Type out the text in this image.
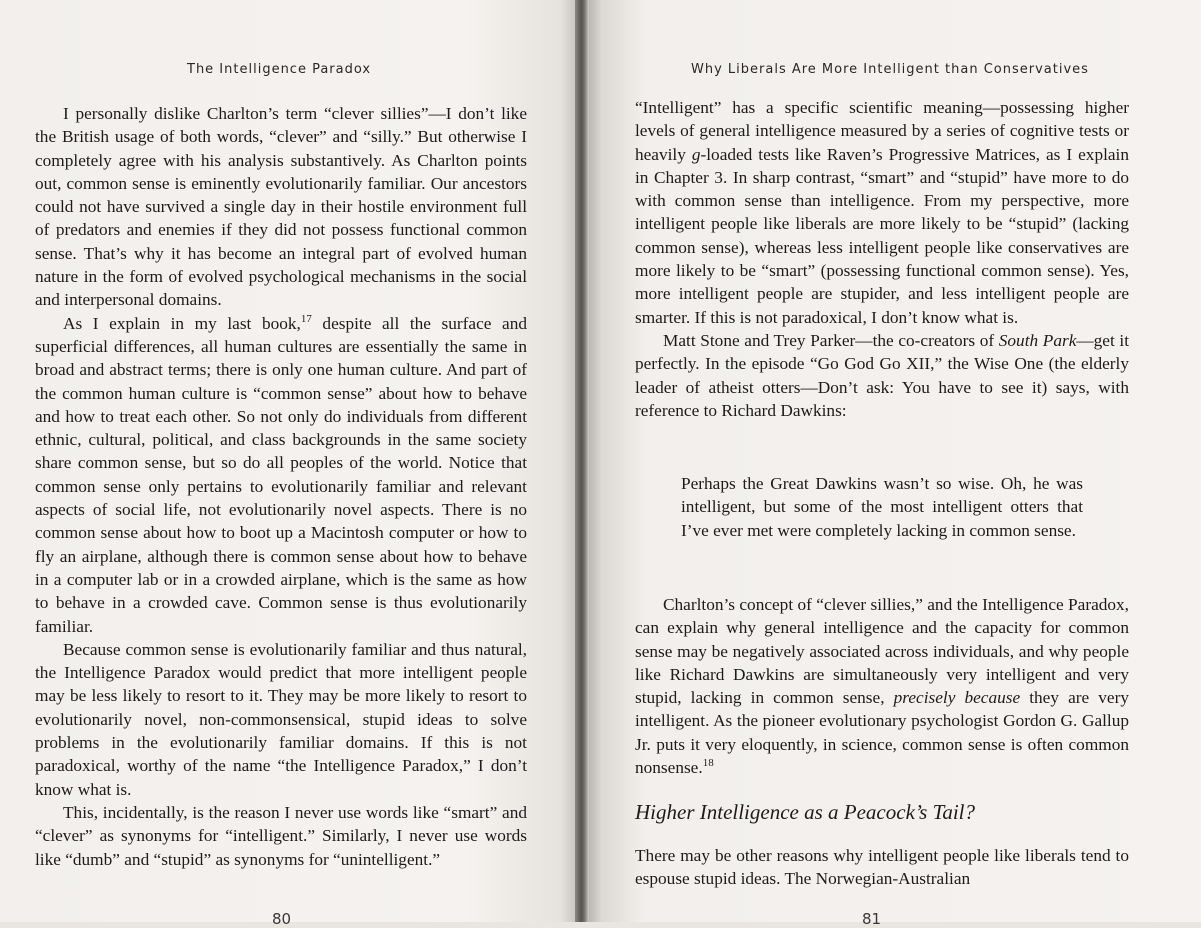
The Intelligence Paradox

I personally dislike Charlton’s term “clever sillies”—I don’t like the British usage of both words, “clever” and “silly.” But otherwise I completely agree with his analysis substantively. As Charlton points out, common sense is eminently evolutionarily familiar. Our ancestors could not have survived a single day in their hostile environment full of predators and enemies if they did not possess functional common sense. That’s why it has become an integral part of evolved human nature in the form of evolved psychological mechanisms in the social and interpersonal domains.

As I explain in my last book,$^{17}$ despite all the surface and superficial differences, all human cultures are essentially the same in broad and abstract terms; there is only one human culture. And part of the common human culture is “common sense” about how to behave and how to treat each other. So not only do individuals from different ethnic, cultural, political, and class backgrounds in the same society share common sense, but so do all peoples of the world. Notice that common sense only pertains to evolutionarily familiar and relevant aspects of social life, not evolutionarily novel aspects. There is no common sense about how to boot up a Macintosh computer or how to fly an airplane, although there is common sense about how to behave in a computer lab or in a crowded airplane, which is the same as how to behave in a crowded cave. Common sense is thus evolutionarily familiar.

Because common sense is evolutionarily familiar and thus natural, the Intelligence Paradox would predict that more intelligent people may be less likely to resort to it. They may be more likely to resort to evolutionarily novel, non-commonsensical, stupid ideas to solve problems in the evolutionarily familiar domains. If this is not paradoxical, worthy of the name “the Intelligence Paradox,” I don’t know what is.

This, incidentally, is the reason I never use words like “smart” and “clever” as synonyms for “intelligent.” Similarly, I never use words like “dumb” and “stupid” as synonyms for “unintelligent.”

80
Why Liberals Are More Intelligent than Conservatives

“Intelligent” has a specific scientific meaning—possessing higher levels of general intelligence measured by a series of cognitive tests or heavily g-loaded tests like Raven’s Progressive Matrices, as I explain in Chapter 3. In sharp contrast, “smart” and “stupid” have more to do with common sense than intelligence. From my perspective, more intelligent people like liberals are more likely to be “stupid” (lacking common sense), whereas less intelligent people like conservatives are more likely to be “smart” (possessing functional common sense). Yes, more intelligent people are stupider, and less intelligent people are smarter. If this is not paradoxical, I don’t know what is.

Matt Stone and Trey Parker—the co-creators of South Park—get it perfectly. In the episode “Go God Go XII,” the Wise One (the elderly leader of atheist otters—Don’t ask: You have to see it) says, with reference to Richard Dawkins:

Perhaps the Great Dawkins wasn’t so wise. Oh, he was intelligent, but some of the most intelligent otters that I’ve ever met were completely lacking in common sense.

Charlton’s concept of “clever sillies,” and the Intelligence Paradox, can explain why general intelligence and the capacity for common sense may be negatively associated across individuals, and why people like Richard Dawkins are simultaneously very intelligent and very stupid, lacking in common sense, precisely because they are very intelligent. As the pioneer evolutionary psychologist Gordon G. Gallup Jr. puts it very eloquently, in science, common sense is often common nonsense.$^{18}$

Higher Intelligence as a Peacock’s Tail?

There may be other reasons why intelligent people like liberals tend to espouse stupid ideas. The Norwegian-Australian

81
